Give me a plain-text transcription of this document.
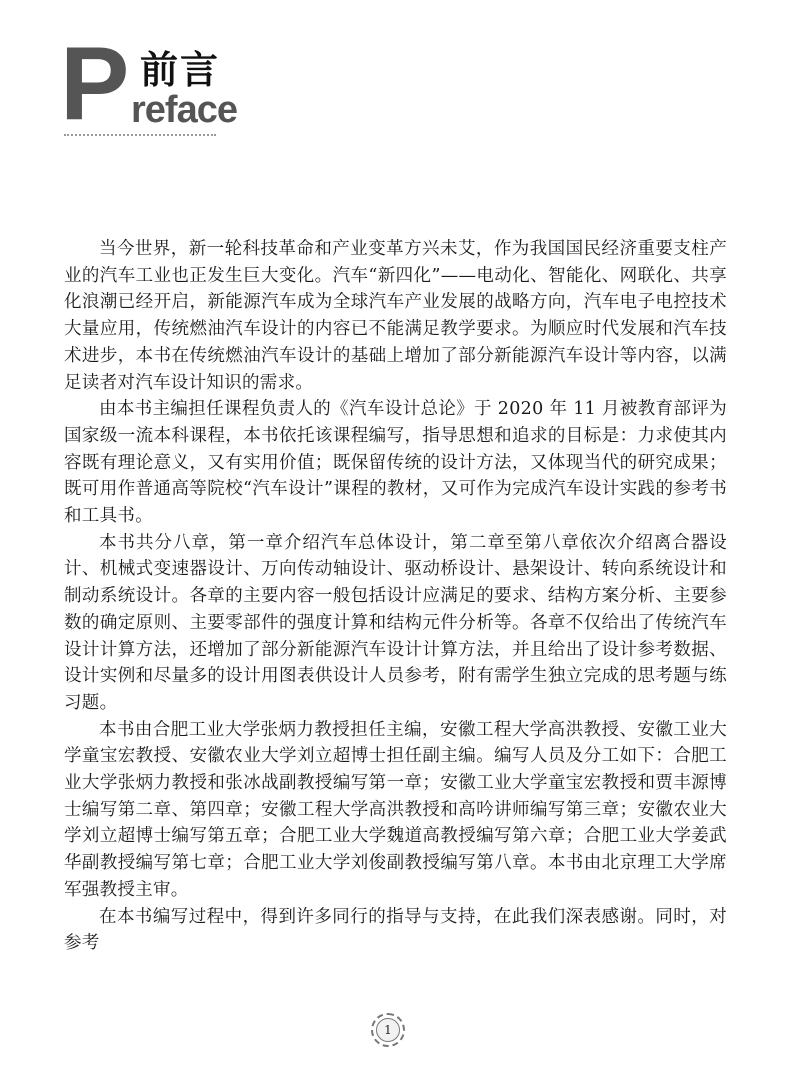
P 前言
reface

当今世界，新一轮科技革命和产业变革方兴未艾，作为我国国民经济重要支柱产业的汽车工业也正发生巨大变化。汽车“新四化”——电动化、智能化、网联化、共享化浪潮已经开启，新能源汽车成为全球汽车产业发展的战略方向，汽车电子电控技术大量应用，传统燃油汽车设计的内容已不能满足教学要求。为顺应时代发展和汽车技术进步，本书在传统燃油汽车设计的基础上增加了部分新能源汽车设计等内容，以满足读者对汽车设计知识的需求。

由本书主编担任课程负责人的《汽车设计总论》于 2020 年 11 月被教育部评为国家级一流本科课程，本书依托该课程编写，指导思想和追求的目标是：力求使其内容既有理论意义，又有实用价值；既保留传统的设计方法，又体现当代的研究成果；既可用作普通高等院校“汽车设计”课程的教材，又可作为完成汽车设计实践的参考书和工具书。

本书共分八章，第一章介绍汽车总体设计，第二章至第八章依次介绍离合器设计、机械式变速器设计、万向传动轴设计、驱动桥设计、悬架设计、转向系统设计和制动系统设计。各章的主要内容一般包括设计应满足的要求、结构方案分析、主要参数的确定原则、主要零部件的强度计算和结构元件分析等。各章不仅给出了传统汽车设计计算方法，还增加了部分新能源汽车设计计算方法，并且给出了设计参考数据、设计实例和尽量多的设计用图表供设计人员参考，附有需学生独立完成的思考题与练习题。

本书由合肥工业大学张炳力教授担任主编，安徽工程大学高洪教授、安徽工业大学童宝宏教授、安徽农业大学刘立超博士担任副主编。编写人员及分工如下：合肥工业大学张炳力教授和张冰战副教授编写第一章；安徽工业大学童宝宏教授和贾丰源博士编写第二章、第四章；安徽工程大学高洪教授和高吟讲师编写第三章；安徽农业大学刘立超博士编写第五章；合肥工业大学魏道高教授编写第六章；合肥工业大学姜武华副教授编写第七章；合肥工业大学刘俊副教授编写第八章。本书由北京理工大学席军强教授主审。

在本书编写过程中，得到许多同行的指导与支持，在此我们深表感谢。同时，对参考

1
